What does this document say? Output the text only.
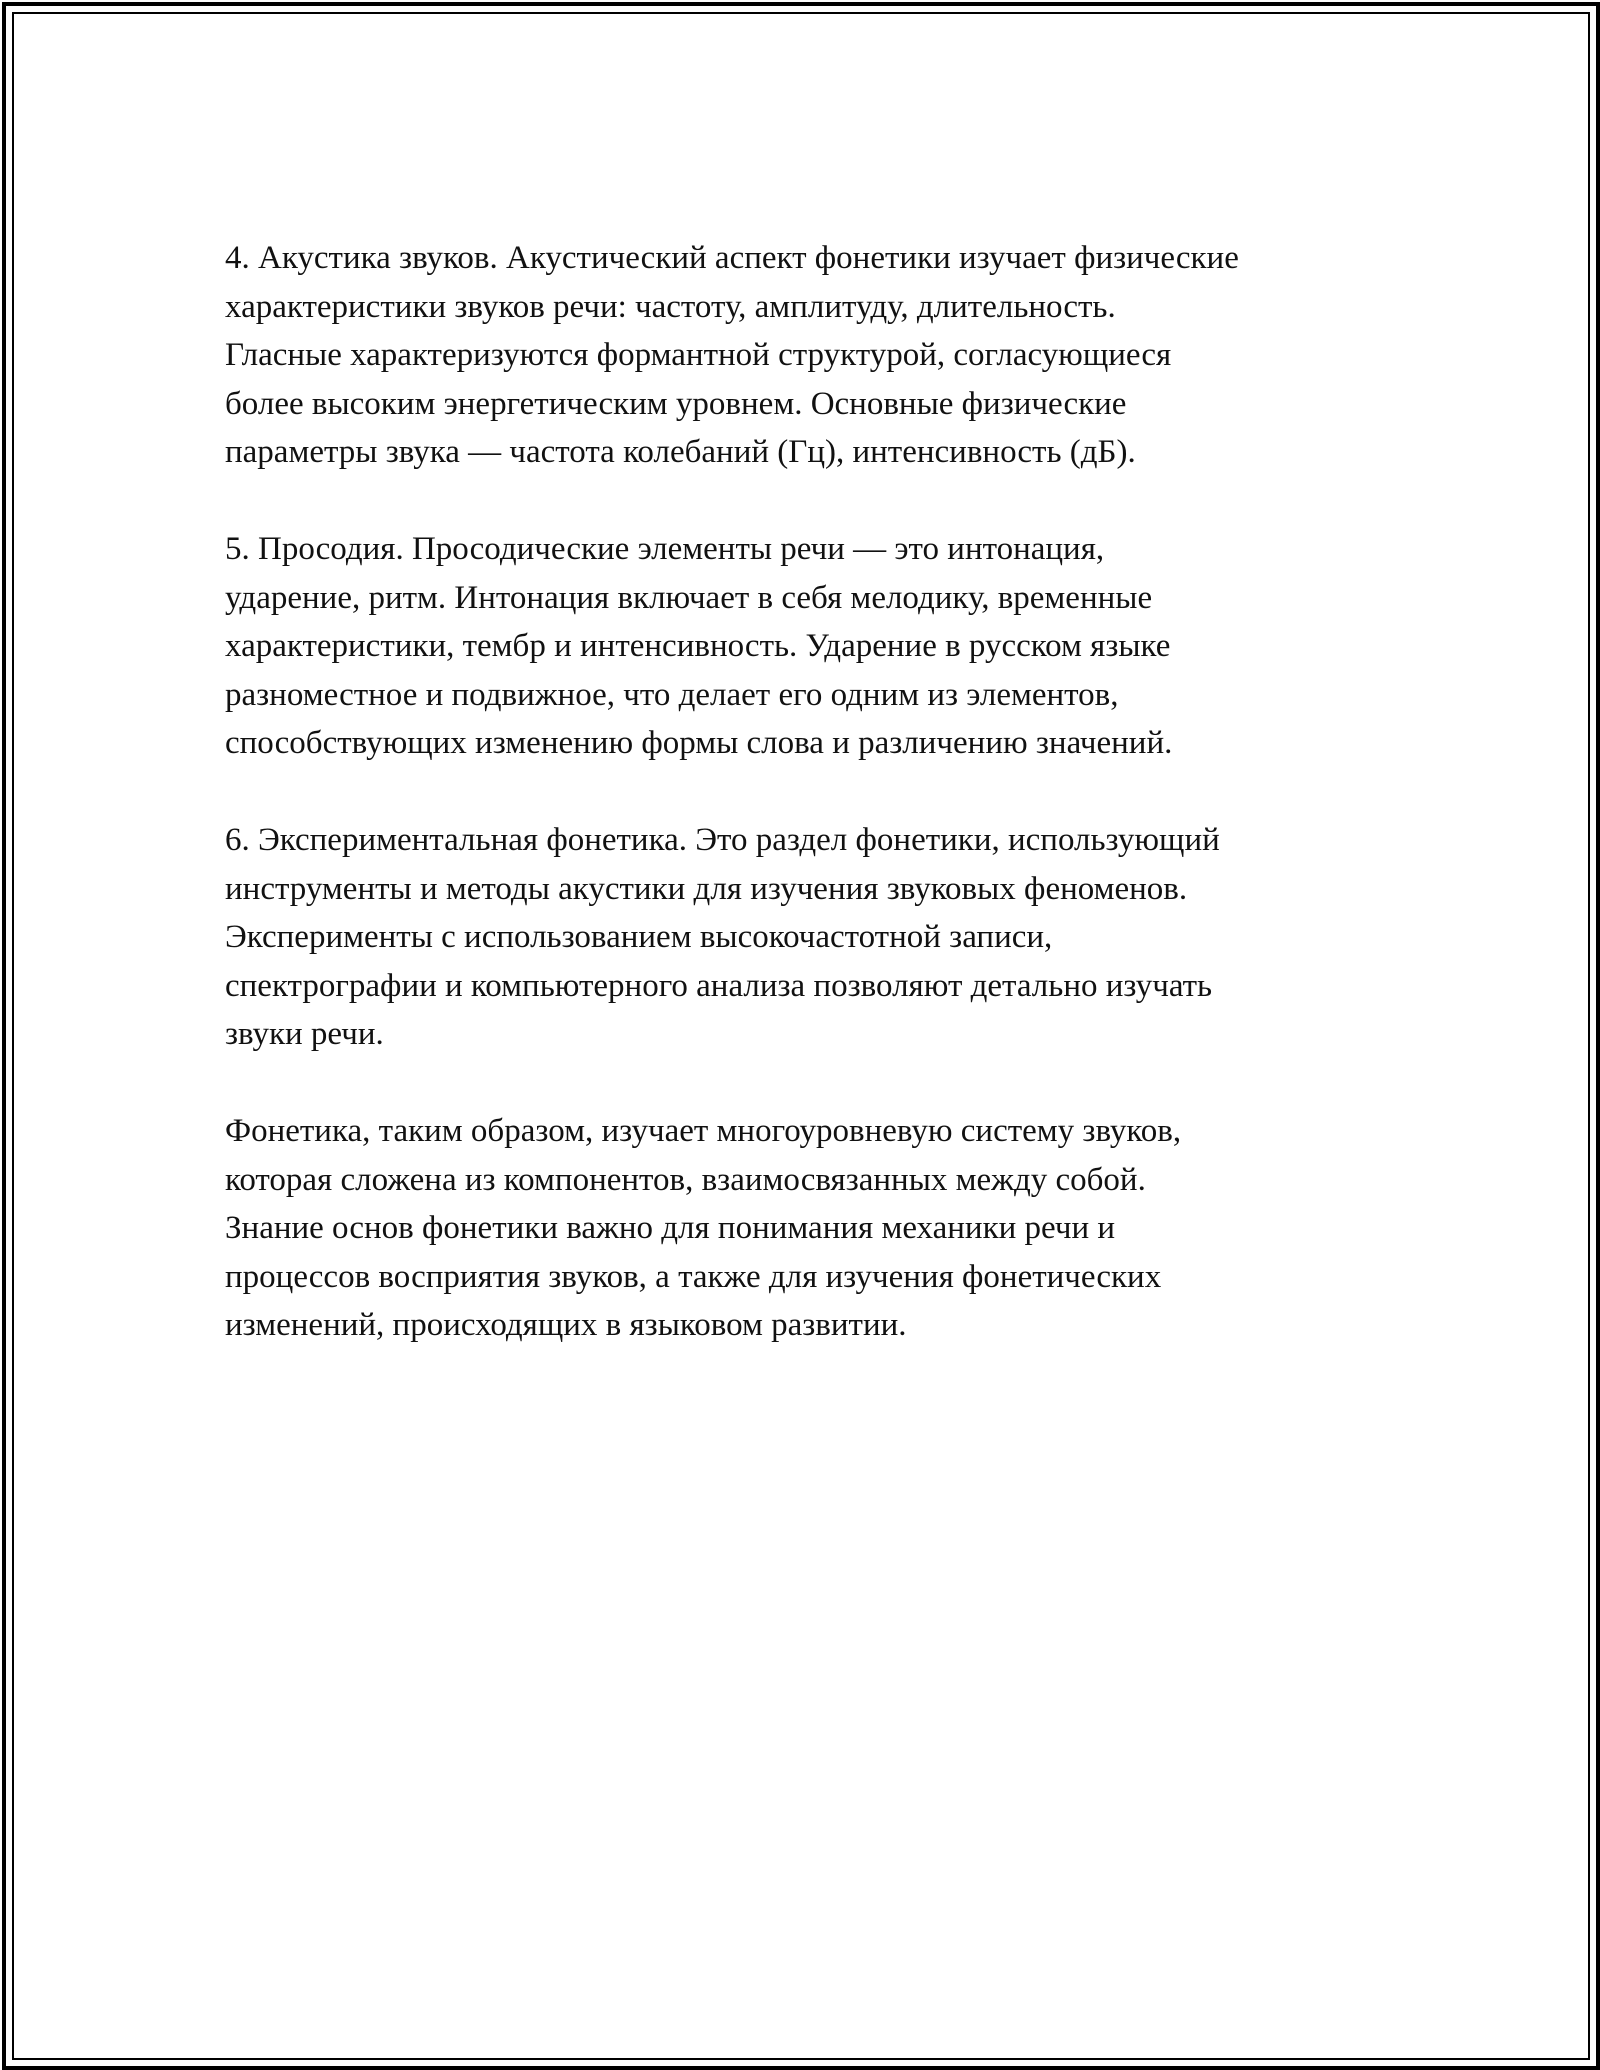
4. Акустика звуков. Акустический аспект фонетики изучает физические
характеристики звуков речи: частоту, амплитуду, длительность.
Гласные характеризуются формантной структурой, согласующиеся
более высоким энергетическим уровнем. Основные физические
параметры звука — частота колебаний (Гц), интенсивность (дБ).
5. Просодия. Просодические элементы речи — это интонация,
ударение, ритм. Интонация включает в себя мелодику, временные
характеристики, тембр и интенсивность. Ударение в русском языке
разноместное и подвижное, что делает его одним из элементов,
способствующих изменению формы слова и различению значений.
6. Экспериментальная фонетика. Это раздел фонетики, использующий
инструменты и методы акустики для изучения звуковых феноменов.
Эксперименты с использованием высокочастотной записи,
спектрографии и компьютерного анализа позволяют детально изучать
звуки речи.
Фонетика, таким образом, изучает многоуровневую систему звуков,
которая сложена из компонентов, взаимосвязанных между собой.
Знание основ фонетики важно для понимания механики речи и
процессов восприятия звуков, а также для изучения фонетических
изменений, происходящих в языковом развитии.
